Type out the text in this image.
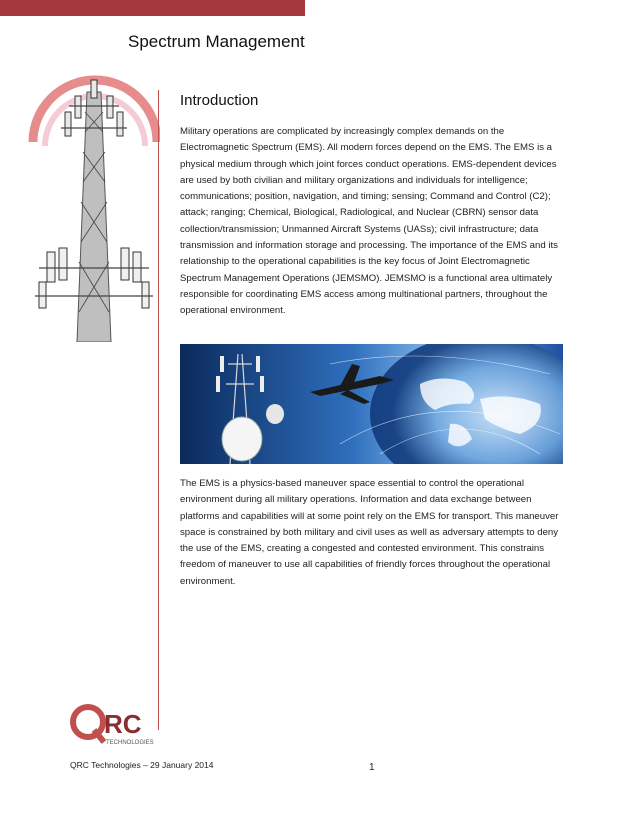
Spectrum Management
Introduction

Military operations are complicated by increasingly complex demands on the Electromagnetic Spectrum (EMS). All modern forces depend on the EMS. The EMS is a physical medium through which joint forces conduct operations. EMS-dependent devices are used by both civilian and military organizations and individuals for intelligence; communications; position, navigation, and timing; sensing; Command and Control (C2); attack; ranging; Chemical, Biological, Radiological, and Nuclear (CBRN) sensor data collection/transmission; Unmanned Aircraft Systems (UASs); civil infrastructure; data transmission and information storage and processing. The importance of the EMS and its relationship to the operational capabilities is the key focus of Joint Electromagnetic Spectrum Management Operations (JEMSMO). JEMSMO is a functional area ultimately responsible for coordinating EMS access among multinational partners, throughout the operational environment.

The EMS is a physics-based maneuver space essential to control the operational environment during all military operations. Information and data exchange between platforms and capabilities will at some point rely on the EMS for transport. This maneuver space is constrained by both military and civil uses as well as adversary attempts to deny the use of the EMS, creating a congested and contested environment. This constrains freedom of maneuver to use all capabilities of friendly forces throughout the operational environment.

RC
TECHNOLOGIES
QRC Technologies – 29 January 2014	1
